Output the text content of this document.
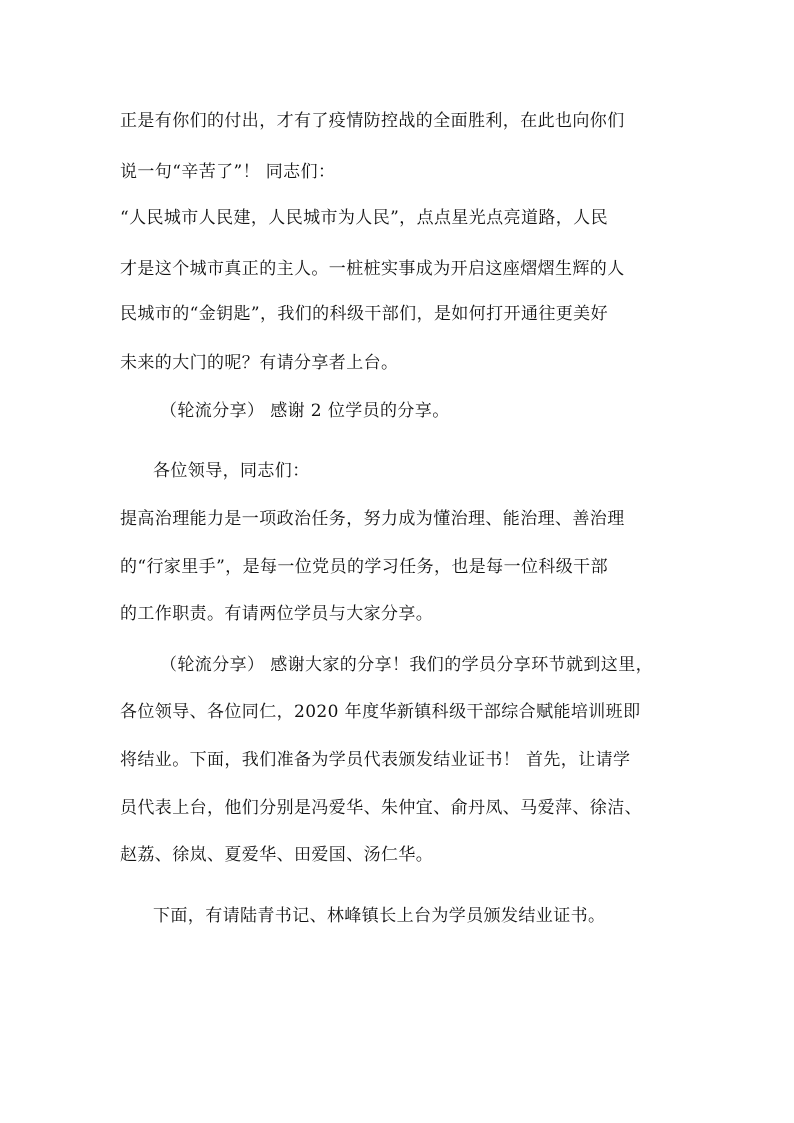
正是有你们的付出，才有了疫情防控战的全面胜利，在此也向你们
说一句“辛苦了”！ 同志们：
“人民城市人民建，人民城市为人民”，点点星光点亮道路，人民
才是这个城市真正的主人。一桩桩实事成为开启这座熠熠生辉的人
民城市的“金钥匙”，我们的科级干部们，是如何打开通往更美好
未来的大门的呢？有请分享者上台。
（轮流分享） 感谢 2 位学员的分享。
各位领导，同志们：
提高治理能力是一项政治任务，努力成为懂治理、能治理、善治理
的“行家里手”，是每一位党员的学习任务，也是每一位科级干部
的工作职责。有请两位学员与大家分享。
（轮流分享） 感谢大家的分享！我们的学员分享环节就到这里，
各位领导、各位同仁，2020 年度华新镇科级干部综合赋能培训班即
将结业。下面，我们准备为学员代表颁发结业证书！ 首先，让请学
员代表上台，他们分别是冯爱华、朱仲宜、俞丹凤、马爱萍、徐洁、
赵荔、徐岚、夏爱华、田爱国、汤仁华。
下面，有请陆青书记、林峰镇长上台为学员颁发结业证书。
